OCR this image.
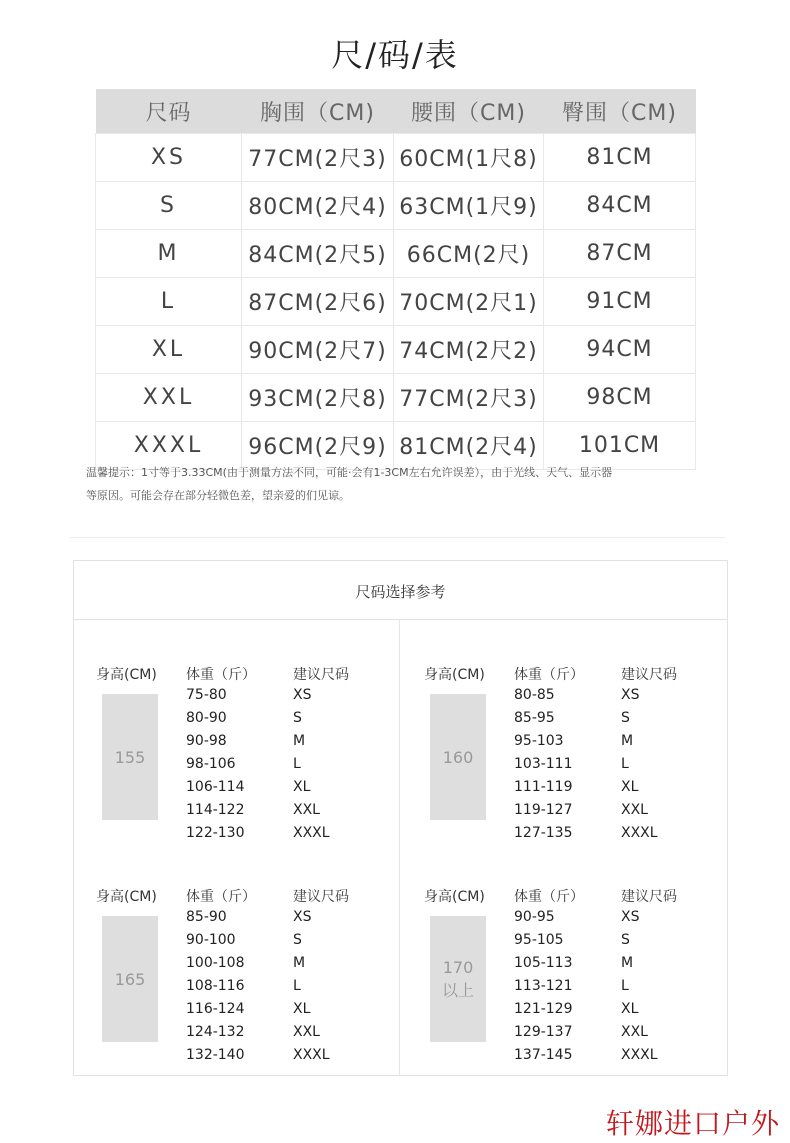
尺/码/表
尺码	胸围（CM)	腰围（CM)	臀围（CM)
XS	77CM(2尺3)	60CM(1尺8)	81CM
S	80CM(2尺4)	63CM(1尺9)	84CM
M	84CM(2尺5)	66CM(2尺)	87CM
L	87CM(2尺6)	70CM(2尺1)	91CM
XL	90CM(2尺7)	74CM(2尺2)	94CM
XXL	93CM(2尺8)	77CM(2尺3)	98CM
XXXL	96CM(2尺9)	81CM(2尺4)	101CM
温馨提示：1寸等于3.33CM(由于测量方法不同，可能·会有1-3CM左右允许误差），由于光线、天气、显示器
等原因。可能会存在部分轻微色差，望亲爱的们见谅。
尺码选择参考
身高(CM) 体重（斤）	建议尺码
155
75-80	XS
80-90	S
90-98	M
98-106	L
106-114	XL
114-122	XXL
122-130	XXXL
身高(CM) 体重（斤）	建议尺码
160
80-85	XS
85-95	S
95-103	M
103-111	L
111-119	XL
119-127	XXL
127-135	XXXL
身高(CM) 体重（斤）	建议尺码
165
85-90	XS
90-100	S
100-108	M
108-116	L
116-124	XL
124-132	XXL
132-140	XXXL
身高(CM) 体重（斤）	建议尺码
170
以上
90-95	XS
95-105	S
105-113	M
113-121	L
121-129	XL
129-137	XXL
137-145	XXXL
轩娜进口户外
